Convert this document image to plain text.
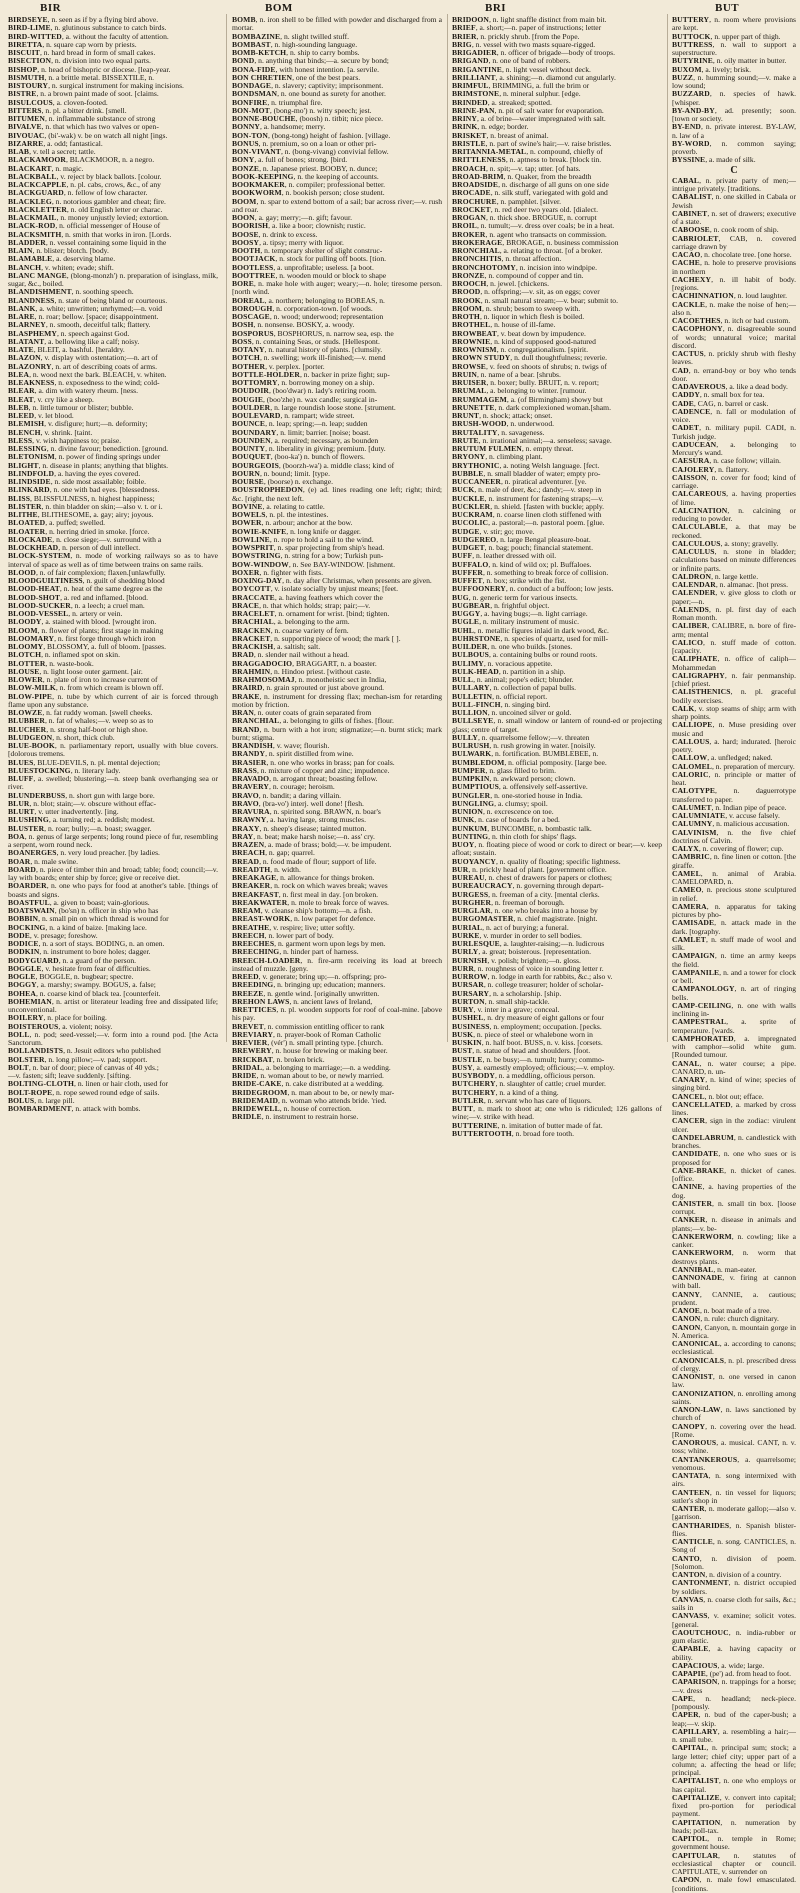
BIR	BOM	BRI	BUT

BIRDSEYE, n. seen as if by a flying bird above.

BIRD-LIME, n. glutinous substance to catch birds.

BIRD-WITTED, a. without the faculty of attention.

BIRETTA, n. square cap worn by priests.

BISCUIT, n. hard bread in form of small cakes.

BISECTION, n. division into two equal parts.

BISHOP, n. head of bishopric or diocese. [leap-year.

BISMUTH, n. a brittle metal. BISSEXTILE, n.

BISTOURY, n. surgical instrument for making incisions.

BISTRE, n. a brown paint made of soot. [claims.

BISULCOUS, a. cloven-footed.

BITTERS, n. pl. a bitter drink. [smell.

BITUMEN, n. inflammable substance of strong

BIVALVE, n. that which has two valves or open-

BIVOUAC, (bi'-wak) v. be on watch all night [ings.

BIZARRE, a. odd; fantastical.

BLAB, v. tell a secret; tattle.

BLACKAMOOR, BLACKMOOR, n. a negro.

BLACKART, n. magic.

BLACKBALL, v. reject by black ballots. [colour.

BLACKCAPPLE, n. pl. cabs, crows, &c., of any

BLACKGUARD, n. fellow of low character.

BLACKLEG, n. notorious gambler and cheat; fire.

BLACKLETTER, n. old English letter or charac.

BLACKMAIL, n. money unjustly levied; extortion.

BLACK-ROD, n. official messenger of House of

BLACKSMITH, n. smith that works in iron. [Lords.

BLADDER, n. vessel containing some liquid in the

BLAIN, n. blister; blotch. [body.

BLAMABLE, a. deserving blame.

BLANCH, v. whiten; evade; shift.

BLANC MANGE, (blong-monzh') n. preparation of isinglass, milk, sugar, &c., boiled.

BLANDISHMENT, n. soothing speech.

BLANDNESS, n. state of being bland or courteous.

BLANK, a. white; unwritten; unrhymed;—n. void

BLARE, n. roar; bellow. [space; disappointment.

BLARNEY, n. smooth, deceitful talk; flattery.

BLASPHEMY, n. speech against God.

BLATANT, a. bellowing like a calf; noisy.

BLATE, BLEIT, a. bashful. [heraldry.

BLAZON, v. display with ostentation;—n. art of

BLAZONRY, n. art of describing coats of arms.

BLEA, n. wood next the bark. BLEACH, v. whiten.

BLEAKNESS, n. exposedness to the wind; cold-

BLEAR, a. dim with watery rheum. [ness.

BLEAT, v. cry like a sheep.

BLEB, n. little tumour or blister; bubble.

BLEED, v. let blood.

BLEMISH, v. disfigure; hurt;—n. deformity;

BLENCH, v. shrink. [taint.

BLESS, v. wish happiness to; praise.

BLESSING, n. divine favour; benediction. [ground.

BLETONISM, n. power of finding springs under

BLIGHT, n. disease in plants; anything that blights.

BLINDFOLD, a. having the eyes covered.

BLINDSIDE, n. side most assailable; foible.

BLINKARD, n. one with bad eyes. [blessedness.

BLISS, BLISSFULNESS, n. highest happiness;

BLISTER, n. thin bladder on skin;—also v. t. or i.

BLITHE, BLITHESOME, a. gay; airy; joyous.

BLOATED, a. puffed; swelled.

BLOATER, n. herring dried in smoke. [force.

BLOCKADE, n. close siege;—v. surround with a

BLOCKHEAD, n. person of dull intellect.

BLOCK-SYSTEM, n. mode of working railways so as to have interval of space as well as of time between trains on same rails.

BLOOD, n. of fair complexion; flaxen.[unlawfully.

BLOODGUILTINESS, n. guilt of shedding blood

BLOOD-HEAT, n. heat of the same degree as the

BLOOD-SHOT, a. red and inflamed. [blood.

BLOOD-SUCKER, n. a leech; a cruel man.

BLOOD-VESSEL, n. artery or vein.

BLOODY, a. stained with blood. [wrought iron.

BLOOM, n. flower of plants; first stage in making

BLOOMARY, n. first forge through which iron

BLOOMY, BLOSSOMY, a. full of bloom. [passes.

BLOTCH, n. inflamed spot on skin.

BLOTTER, n. waste-book.

BLOUSE, n. light loose outer garment. [air.

BLOWER, n. plate of iron to increase current of

BLOW-MILK, n. from which cream is blown off.

BLOW-PIPE, n. tube by which current of air is forced through flame upon any substance.

BLOWZE, n. fat ruddy woman. [swell cheeks.

BLUBBER, n. fat of whales;—v. weep so as to

BLUCHER, n. strong half-boot or high shoe.

BLUDGEON, n. short, thick club.

BLUE-BOOK, n. parliamentary report, usually with blue covers. [dolorous tremens.

BLUES, BLUE-DEVILS, n. pl. mental dejection;

BLUESTOCKING, n. literary lady.

BLUFF, a. swelled; blustering;—n. steep bank overhanging sea or river.

BLUNDERBUSS, n. short gun with large bore.

BLUR, n. blot; stain;—v. obscure without effac-

BLURT, v. utter inadvertently. [ing.

BLUSHING, a. turning red; a. reddish; modest.

BLUSTER, n. roar; bully;—n. boast; swagger.

BOA, n. genus of large serpents; long round piece of fur, resembling a serpent, worn round neck.

BOANERGES, n. very loud preacher. [by ladies.

BOAR, n. male swine.

BOARD, n. piece of timber thin and broad; table; food; council;—v. lay with boards; enter ship by force; give or receive diet.

BOARDER, n. one who pays for food at another's table. [things of boasts and signs.

BOASTFUL, a. given to boast; vain-glorious.

BOATSWAIN, (bo'sn) n. officer in ship who has

BOBBIN, n. small pin on which thread is wound for

BOCKING, n. a kind of baize. [making lace.

BODE, v. presage; foreshow.

BODICE, n. a sort of stays. BODING, n. an omen.

BODKIN, n. instrument to bore holes; dagger.

BODYGUARD, n. a guard of the person.

BOGGLE, v. hesitate from fear of difficulties.

BOGLE, BOGGLE, n. bugbear; spectre.

BOGGY, a. marshy; swampy. BOGUS, a. false;

BOHEA, n. coarse kind of black tea. [counterfeit.

BOHEMIAN, n. artist or literateur leading free and dissipated life; unconventional.

BOILERY, n. place for boiling.

BOISTEROUS, a. violent; noisy.

BOLL, n. pod; seed-vessel;—v. form into a round pod. [the Acta Sanctorum.

BOLLANDISTS, n. Jesuit editors who published

BOLSTER, n. long pillow;—v. pad; support.

BOLT, n. bar of door; piece of canvas of 40 yds.;

—v. fasten; sift; leave suddenly. [sifting.

BOLTING-CLOTH, n. linen or hair cloth, used for

BOLT-ROPE, n. rope sewed round edge of sails.

BOLUS, n. large pill.

BOMBARDMENT, n. attack with bombs.

BOMB, n. iron shell to be filled with powder and discharged from a mortar.

BOMBAZINE, n. slight twilled stuff.

BOMBAST, n. high-sounding language.

BOMB-KETCH, n. ship to carry bombs.

BOND, n. anything that binds;—a. secure by bond;

BONA-FIDE, with honest intention. [a. servile.

BON CHRETIEN, one of the best pears.

BONDAGE, n. slavery; captivity; imprisonment.

BONDSMAN, n. one bound as surety for another.

BONFIRE, n. triumphal fire.

BON-MOT, (bong-mo') n. witty speech; jest.

BONNE-BOUCHE, (boosh) n. titbit; nice piece.

BONNY, a. handsome; merry.

BON-TON, (bong-tong) height of fashion. [village.

BONUS, n. premium, so on a loan or other pri-

BON-VIVANT, n. (bong-vivang) convivial fellow.

BONY, a. full of bones; strong. [bird.

BONZE, n. Japanese priest. BOOBY, n. dunce;

BOOK-KEEPING, n. the keeping of accounts.

BOOKMAKER, n. compiler; professional better.

BOOKWORM, n. bookish person; close student.

BOOM, n. spar to extend bottom of a sail; bar across river;—v. rush and roar.

BOON, a. gay; merry;—n. gift; favour.

BOORISH, a. like a boor; clownish; rustic.

BOOSE, n. drink to excess.

BOOSY, a. tipsy; merry with liquor.

BOOTH, n. temporary shelter of slight construc-

BOOTJACK, n. stock for pulling off boots. [tion.

BOOTLESS, a. unprofitable; useless. [a boot.

BOOTTREE, n. wooden mould or block to shape

BORE, n. make hole with auger; weary;—n. hole; tiresome person. [north wind.

BOREAL, a. northern; belonging to BOREAS, n.

BOROUGH, n. corporation-town. [of woods.

BOSCAGE, n. wood; underwood; representation

BOSH, n. nonsense. BOSKY, a. woody.

BOSPORUS, BOSPHORUS, n. narrow sea, esp. the

BOSS, n. containing Seas, or studs. [Hellespont.

BOTANY, n. natural history of plants. [clumsily.

BOTCH, n. swelling; work ill-finished;—v. mend

BOTHER, v. perplex. [porter.

BOTTLE-HOLDER, n. backer in prize fight; sup-

BOTTOMRY, n. borrowing money on a ship.

BOUDOIR, (boo'dwar) n. lady's retiring room.

BOUGIE, (boo'zhe) n. wax candle; surgical in-

BOULDER, n. large roundish loose stone. [strument.

BOULEVARD, n. rampart; wide street.

BOUNCE, n. leap; spring;—n. leap; sudden

BOUNDARY, n. limit; barrier. [noise; boast.

BOUNDEN, a. required; necessary, as bounden

BOUNTY, n. liberality in giving; premium. [duty.

BOUQUET, (boo-ka') n. bunch of flowers.

BOURGEOIS, (boorzh-wa') a. middle class; kind of

BOURN, n. bound; limit. [type.

BOURSE, (boorse) n. exchange.

BOUSTROPHEDON, (e) ad. lines reading one left; right; third; &c. [right, the next left.

BOVINE, a. relating to cattle.

BOWELS, n. pl. the intestines.

BOWER, n. arbour; anchor at the bow.

BOWIE-KNIFE, n. long knife or dagger.

BOWLINE, n. rope to hold a sail to the wind.

BOWSPRIT, n. spar projecting from ship's head.

BOWSTRING, n. string for a bow; Turkish pun-

BOW-WINDOW, n. See BAY-WINDOW. [ishment.

BOXER, n. fighter with fists.

BOXING-DAY, n. day after Christmas, when presents are given.

BOYCOTT, v. isolate socially by unjust means; [feet.

BRACCATE, a. having feathers which cover the

BRACE, n. that which holds; strap; pair;—v.

BRACELET, n. ornament for wrist. [bind; tighten.

BRACHIAL, a. belonging to the arm.

BRACKEN, n. coarse variety of fern.

BRACKET, n. supporting piece of wood; the mark [ ].

BRACKISH, a. saltish; salt.

BRAD, n. slender nail without a head.

BRAGGADOCIO, BRAGGART, n. a boaster.

BRAHMIN, n. Hindoo priest. [without caste.

BRAHMOSOMAJ, n. monotheistic sect in India,

BRAIRD, n. grain sprouted or just above ground.

BRAKE, n. instrument for dressing flax; mechan-ism for retarding motion by friction.

BRAN, n. outer coats of grain separated from

BRANCHIAL, a. belonging to gills of fishes. [flour.

BRAND, n. burn with a hot iron; stigmatize;—n. burnt stick; mark burnt; stigma.

BRANDISH, v. wave; flourish.

BRANDY, n. spirit distilled from wine.

BRASIER, n. one who works in brass; pan for coals.

BRASS, n. mixture of copper and zinc; impudence.

BRAVADO, n. arrogant threat; boasting fellow.

BRAVERY, n. courage; heroism.

BRAVO, n. bandit; a daring villain.

BRAVO, (bra-vo') interj. well done! [flesh.

BRAVURA, n. spirited song. BRAWN, n. boar's

BRAWNY, a. having large, strong muscles.

BRAXY, n. sheep's disease; tainted mutton.

BRAY, n. beat; make harsh noise;—n. ass' cry.

BRAZEN, a. made of brass; bold;—v. be impudent.

BREACH, n. gap; quarrel.

BREAD, n. food made of flour; support of life.

BREADTH, n. width.

BREAKAGE, n. allowance for things broken.

BREAKER, n. rock on which waves break; waves

BREAKFAST, n. first meal in day. [on broken.

BREAKWATER, n. mole to break force of waves.

BREAM, v. cleanse ship's bottom;—n. a fish.

BREAST-WORK, n. low parapet for defence.

BREATHE, v. respire; live; utter softly.

BREECH, n. lower part of body.

BREECHES, n. garment worn upon legs by men.

BREECHING, n. hinder part of harness.

BREECH-LOADER, n. fire-arm receiving its load at breech instead of muzzle. [geny.

BREED, v. generate; bring up;—n. offspring; pro-

BREEDING, n. bringing up; education; manners.

BREEZE, n. gentle wind. [originally unwritten.

BREHON LAWS, n. ancient laws of Ireland,

BRETTICES, n. pl. wooden supports for roof of coal-mine. [above his pay.

BREVET, n. commission entitling officer to rank

BREVIARY, n. prayer-book of Roman Catholic

BREVIER, (vér') n. small printing type. [church.

BREWERY, n. house for brewing or making beer.

BRICKBAT, n. broken brick.

BRIDAL, a. belonging to marriage;—n. a wedding.

BRIDE, n. woman about to be, or newly married.

BRIDE-CAKE, n. cake distributed at a wedding.

BRIDEGROOM, n. man about to be, or newly mar-

BRIDEMAID, n. woman who attends bride. 'ried.

BRIDEWELL, n. house of correction.

BRIDLE, n. instrument to restrain horse.

BRIDOON, n. light snaffle distinct from main bit.

BRIEF, a. short;—n. paper of instructions; letter

BRIER, n. prickly shrub. [from the Pope.

BRIG, n. vessel with two masts square-rigged.

BRIGADIER, n. officer of brigade—body of troops.

BRIGAND, n. one of band of robbers.

BRIGANTINE, n. light vessel without deck.

BRILLIANT, a. shining;—n. diamond cut angularly.

BRIMFUL, BRIMMING, a. full the brim or

BRIMSTONE, n. mineral sulphur. [edge.

BRINDED, a. streaked; spotted.

BRINE-PAN, n. pit of salt water for evaporation.

BRINY, a. of brine—water impregnated with salt.

BRINK, n. edge; border.

BRISKET, n. breast of animal.

BRISTLE, n. part of swine's hair;—v. raise bristles.

BRITANNIA-METAL, n. compound, chiefly of

BRITTLENESS, n. aptness to break. [block tin.

BROACH, n. spit;—v. tap; utter. [of hats.

BROAD-BRIM, n. Quaker, from the breadth

BROADSIDE, n. discharge of all guns on one side

BROCADE, n. silk stuff, variegated with gold and

BROCHURE, n. pamphlet. [silver.

BROCKET, n. red deer two years old. [dialect.

BROGAN, n. thick shoe. BROGUE, n. corrupt

BROIL, n. tumult;—v. dress over coals; be in a heat.

BROKER, n. agent who transacts on commission.

BROKERAGE, BROKAGE, n. business commission

BRONCHIAL, a. relating to throat. [of a broker.

BRONCHITIS, n. throat affection.

BRONCHOTOMY, n. incision into windpipe.

BRONZE, n. compound of copper and tin.

BROOCH, n. jewel. [chickens.

BROOD, n. offspring;—v. sit, as on eggs; cover

BROOK, n. small natural stream;—v. bear; submit to.

BROOM, n. shrub; besom to sweep with.

BROTH, n. liquor in which flesh is boiled.

BROTHEL, n. house of ill-fame.

BROWBEAT, v. beat down by impudence.

BROWNIE, n. kind of supposed good-natured

BROWNISM, n. congregationalism. [spirit.

BROWN STUDY, n. dull thoughtfulness; reverie.

BROWSE, v. feed on shoots of shrubs; n. twigs of

BRUIN, n. name of a bear. [shrubs.

BRUISER, n. boxer; bully. BRUIT, n. v. report;

BRUMAL, a. belonging to winter. [rumour.

BRUMMAGEM, a. (of Birmingham) showy but

BRUNETTE, n. dark complexioned woman.[sham.

BRUNT, n. shock; attack; onset.

BRUSH-WOOD, n. underwood.

BRUTALITY, n. savageness.

BRUTE, n. irrational animal;—a. senseless; savage.

BRUTUM FULMEN, n. empty threat.

BRYONY, n. climbing plant.

BRYTHONIC, a. noting Welsh language. [fect.

BUBBLE, n. small bladder of water; empty pro-

BUCCANEER, n. piratical adventurer. [ye.

BUCK, n. male of deer, &c.; dandy;—v. steep in

BUCKLE, n. instrument for fastening straps;—v.

BUCKLER, n. shield. [fasten with buckle; apply.

BUCKRAM, n. coarse linen cloth stiffened with

BUCOLIC, a. pastoral;—n. pastoral poem. [glue.

BUDGE, v. stir; go; move.

BUDGEREO, n. large Bengal pleasure-boat.

BUDGET, n. bag; pouch; financial statement.

BUFF, n. leather dressed with oil.

BUFFALO, n. kind of wild ox; pl. Buffaloes.

BUFFER, n. something to break force of collision.

BUFFET, n. box; strike with the fist.

BUFFOONERY, n. conduct of a buffoon; low jests.

BUG, n. generic term for various insects.

BUGBEAR, n. frightful object.

BUGGY, a. having bugs;—n. light carriage.

BUGLE, n. military instrument of music.

BUHL, n. metallic figures inlaid in dark wood, &c.

BUHRSTONE, n. species of quartz, used for mill-

BUILDER, n. one who builds. [stones.

BULBOUS, a. containing bulbs or round roots.

BULIMY, n. voracious appetite.

BULK-HEAD, n. partition in a ship.

BULL, n. animal; pope's edict; blunder.

BULLARY, n. collection of papal bulls.

BULLETIN, n. official report.

BULL-FINCH, n. singing bird.

BULLION, n. uncoined silver or gold.

BULLSEYE, n. small window or lantern of round-ed or projecting glass; centre of target.

BULLY, n. quarrelsome fellow;—v. threaten

BULRUSH, n. rush growing in water. [noisily.

BULWARK, n. fortification. BUMBLEBEE, n.

BUMBLEDOM, n. official pomposity. [large bee.

BUMPER, n. glass filled to brim.

BUMPKIN, n. awkward person; clown.

BUMPTIOUS, a. offensively self-assertive.

BUNGLER, n. one-storied house in India.

BUNGLING, a. clumsy; spoil.

BUNION, n. excrescence on toe.

BUNK, n. case of boards for a bed.

BUNKUM, BUNCOMBE, n. bombastic talk.

BUNTING, n. thin cloth for ships' flags.

BUOY, n. floating piece of wood or cork to direct or bear;—v. keep afloat; sustain.

BUOYANCY, n. quality of floating; specific lightness.

BUR, n. prickly head of plant. [government office.

BUREAU, n. chest of drawers for papers or clothes;

BUREAUCRACY, n. governing through depart-

BURGESS, n. freeman of a city. [mental clerks.

BURGHER, n. freeman of borough.

BURGLAR, n. one who breaks into a house by

BURGOMASTER, n. chief magistrate. [night.

BURIAL, n. act of burying; a funeral.

BURKE, v. murder in order to sell bodies.

BURLESQUE, a. laughter-raising;—n. ludicrous

BURLY, a. great; boisterous. [representation.

BURNISH, v. polish; brighten;—n. gloss.

BURR, n. roughness of voice in sounding letter r.

BURROW, n. lodge in earth for rabbits, &c.; also v.

BURSAR, n. college treasurer; holder of scholar-

BURSARY, n. a scholarship. [ship.

BURTON, n. small ship-tackle.

BURY, v. inter in a grave; conceal.

BUSHEL, n. dry measure of eight gallons or four

BUSINESS, n. employment; occupation. [pecks.

BUSK, n. piece of steel or whalebone worn in

BUSKIN, n. half boot. BUSS, n. v. kiss. [corsets.

BUST, n. statue of head and shoulders. [foot.

BUSTLE, n. be busy;—n. tumult; hurry; commo-

BUSY, a. earnestly employed; officious;—v. employ.

BUSYBODY, n. a meddling, officious person.

BUTCHERY, n. slaughter of cattle; cruel murder.

BUTCHERY, n. a kind of a thing.

BUTLER, n. servant who has care of liquors.

BUTT, n. mark to shoot at; one who is ridiculed; 126 gallons of wine;—v. strike with head.

BUTTERINE, n. imitation of butter made of fat.

BUTTERTOOTH, n. broad fore tooth.

BUTTERY, n. room where provisions are kept.

BUTTOCK, n. upper part of thigh.

BUTTRESS, n. wall to support a superstructure.

BUTYRINE, n. oily matter in butter.

BUXOM, a. lively; brisk.

BUZZ, n. humming sound;—v. make a low sound;

BUZZARD, n. species of hawk. [whisper.

BY-AND-BY, ad. presently; soon. [town or society.

BY-END, n. private interest. BY-LAW, n. law of a

BY-WORD, n. common saying; proverb.

BYSSINE, a. made of silk.

C

CABAL, n. private party of men;—intrigue privately. [traditions.

CABALIST, n. one skilled in Cabala or Jewish

CABINET, n. set of drawers; executive of a state.

CABOOSE, n. cook room of ship.

CABRIOLET, CAB, n. covered carriage drawn by

CACAO, n. chocolate tree. [one horse.

CACHE, n. hole to preserve provisions in northern

CACHEXY, n. ill habit of body. [regions.

CACHINNATION, n. loud laughter.

CACKLE, n. make the noise of hen;—also n.

CACOETHES, n. itch or bad custom.

CACOPHONY, n. disagreeable sound of words; unnatural voice; marital discord.

CACTUS, n. prickly shrub with fleshy leaves.

CAD, n. errand-boy or boy who tends door.

CADAVEROUS, a. like a dead body.

CADDY, n. small box for tea.

CADE, CAG, n. barrel or cask.

CADENCE, n. fall or modulation of voice.

CADET, n. military pupil. CADI, n. Turkish judge.

CADUCEAN, a. belonging to Mercury's wand.

CAESURA, n. case follow; villain.

CAJOLERY, n. flattery.

CAISSON, n. cover for food; kind of carriage.

CALCAREOUS, a. having properties of lime.

CALCINATION, n. calcining or reducing to powder.

CALCULABLE, a. that may be reckoned.

CALCULOUS, a. stony; gravelly.

CALCULUS, n. stone in bladder; calculations based on minute differences or infinite parts.

CALDRON, n. large kettle.

CALENDAR, n. almanac. [hot press.

CALENDER, v. give gloss to cloth or paper;—n.

CALENDS, n. pl. first day of each Roman month.

CALIBER, CALIBRE, n. bore of fire-arm; mental

CALICO, n. stuff made of cotton. [capacity.

CALIPHATE, n. office of caliph—Mohammedan

CALIGRAPHY, n. fair penmanship. [chief priest.

CALISTHENICS, n. pl. graceful bodily exercises.

CALK, v. stop seams of ship; arm with sharp points.

CALLIOPE, n. Muse presiding over music and

CALLOUS, a. hard; indurated. [heroic poetry.

CALLOW, a. unfledged; naked.

CALOMEL, n. preparation of mercury.

CALORIC, n. principle or matter of heat.

CALOTYPE, n. daguerrotype transferred to paper.

CALUMET, n. Indian pipe of peace.

CALUMNIATE, v. accuse falsely.

CALUMNY, n. malicious accusation.

CALVINISM, n. the five chief doctrines of Calvin.

CALYX, n. covering of flower; cup.

CAMBRIC, n. fine linen or cotton. [the giraffe.

CAMEL, n. animal of Arabia. CAMELOPARD, n.

CAMEO, n. precious stone sculptured in relief.

CAMERA, n. apparatus for taking pictures by pho-

CAMISADE, n. attack made in the dark. [tography.

CAMLET, n. stuff made of wool and silk.

CAMPAIGN, n. time an army keeps the field.

CAMPANILE, n. and a tower for clock or bell.

CAMPANOLOGY, n. art of ringing bells.

CAMP-CEILING, n. one with walls inclining in-

CAMPESTRAL, a. sprite of temperature. [wards.

CAMPHORATED, a. impregnated with camphor—solid white gum. [Rounded tumour.

CANAL, n. water course; a pipe. CANARD, n. un-

CANARY, n. kind of wine; species of singing bird.

CANCEL, n. blot out; efface.

CANCELLATED, a. marked by cross lines.

CANCER, sign in the zodiac: virulent ulcer.

CANDELABRUM, n. candlestick with branches.

CANDIDATE, n. one who sues or is proposed for

CANE-BRAKE, n. thicket of canes. [office.

CANINE, a. having properties of the dog.

CANISTER, n. small tin box. [loose corrupt.

CANKER, n. disease in animals and plants;—v. be-

CANKERWORM, n. cowling; like a canker.

CANKERWORM, n. worm that destroys plants.

CANNIBAL, n. man-eater.

CANNONADE, v. firing at cannon with ball.

CANNY, CANNIE, a. cautious; prudent.

CANOE, n. boat made of a tree.

CANON, n. rule: church dignitary.

CANON, Canyon, n. mountain gorge in N. America.

CANONICAL, a. according to canons; ecclesiastical.

CANONICALS, n. pl. prescribed dress of clergy.

CANONIST, n. one versed in canon law.

CANONIZATION, n. enrolling among saints.

CANON-LAW, n. laws sanctioned by church of

CANOPY, n. covering over the head. [Rome.

CANOROUS, a. musical. CANT, n. v. toss; whine.

CANTANKEROUS, a. quarrelsome; venomous.

CANTATA, n. song intermixed with airs.

CANTEEN, n. tin vessel for liquors; sutler's shop in

CANTER, n. moderate gallop;—also v. [garrison.

CANTHARIDES, n. Spanish blister-flies.

CANTICLE, n. song. CANTICLES, n. Song of

CANTO, n. division of poem. [Solomon.

CANTON, n. division of a country.

CANTONMENT, n. district occupied by soldiers.

CANVAS, n. coarse cloth for sails, &c.; sails in

CANVASS, v. examine; solicit votes. [general.

CAOUTCHOUC, n. india-rubber or gum elastic.

CAPABLE, a. having capacity or ability.

CAPACIOUS, a. wide; large.

CAPAPIE, (pe') ad. from head to foot.

CAPARISON, n. trappings for a horse;—v. dress

CAPE, n. headland; neck-piece. [pompously.

CAPER, n. bud of the caper-bush; a leap;—v. skip.

CAPILLARY, a. resembling a hair;—n. small tube.

CAPITAL, n. principal sum; stock; a large letter; chief city; upper part of a column; a. affecting the head or life; principal.

CAPITALIST, n. one who employs or has capital.

CAPITALIZE, v. convert into capital; fixed pro-portion for periodical payment.

CAPITATION, n. numeration by heads; poll-tax.

CAPITOL, n. temple in Rome; government house.

CAPITULAR, n. statutes of ecclesiastical chapter or council. CAPITULATE, v. surrender on

CAPON, n. male fowl emasculated. [conditions.
